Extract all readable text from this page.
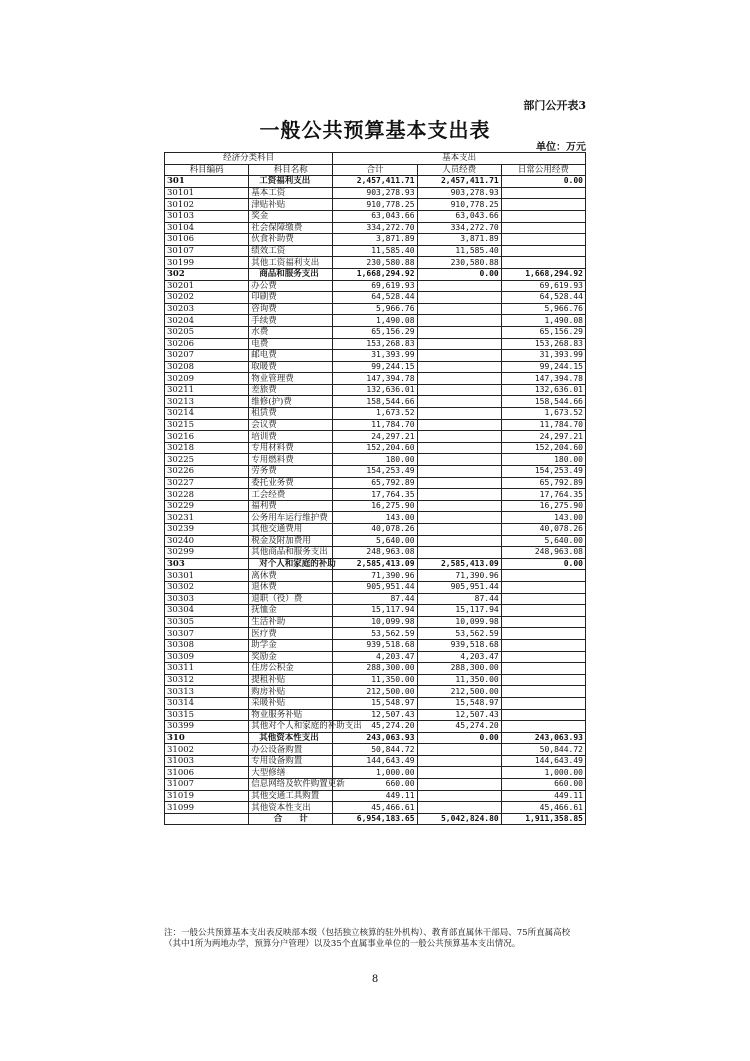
部门公开表3
一般公共预算基本支出表
单位：万元
经济分类科目		基本支出		
科目编码	科目名称	合计	人员经费	日常公用经费
301	工资福利支出	2,457,411.71	2,457,411.71	0.00
30101	基本工资	903,278.93	903,278.93	
30102	津贴补贴	910,778.25	910,778.25	
30103	奖金	63,043.66	63,043.66	
30104	社会保障缴费	334,272.70	334,272.70	
30106	伙食补助费	3,871.89	3,871.89	
30107	绩效工资	11,585.40	11,585.40	
30199	其他工资福利支出	230,580.88	230,580.88	
302	商品和服务支出	1,668,294.92	0.00	1,668,294.92
30201	办公费	69,619.93		69,619.93
30202	印刷费	64,528.44		64,528.44
30203	咨询费	5,966.76		5,966.76
30204	手续费	1,490.08		1,490.08
30205	水费	65,156.29		65,156.29
30206	电费	153,268.83		153,268.83
30207	邮电费	31,393.99		31,393.99
30208	取暖费	99,244.15		99,244.15
30209	物业管理费	147,394.78		147,394.78
30211	差旅费	132,636.01		132,636.01
30213	维修(护)费	158,544.66		158,544.66
30214	租赁费	1,673.52		1,673.52
30215	会议费	11,784.70		11,784.70
30216	培训费	24,297.21		24,297.21
30218	专用材料费	152,204.60		152,204.60
30225	专用燃料费	180.00		180.00
30226	劳务费	154,253.49		154,253.49
30227	委托业务费	65,792.89		65,792.89
30228	工会经费	17,764.35		17,764.35
30229	福利费	16,275.90		16,275.90
30231	公务用车运行维护费	143.00		143.00
30239	其他交通费用	40,078.26		40,078.26
30240	税金及附加费用	5,640.00		5,640.00
30299	其他商品和服务支出	248,963.08		248,963.08
303	对个人和家庭的补助	2,585,413.09	2,585,413.09	0.00
30301	离休费	71,390.96	71,390.96	
30302	退休费	905,951.44	905,951.44	
30303	退职（役）费	87.44	87.44	
30304	抚恤金	15,117.94	15,117.94	
30305	生活补助	10,099.98	10,099.98	
30307	医疗费	53,562.59	53,562.59	
30308	助学金	939,518.68	939,518.68	
30309	奖励金	4,203.47	4,203.47	
30311	住房公积金	288,300.00	288,300.00	
30312	提租补贴	11,350.00	11,350.00	
30313	购房补贴	212,500.00	212,500.00	
30314	采暖补贴	15,548.97	15,548.97	
30315	物业服务补贴	12,507.43	12,507.43	
30399	其他对个人和家庭的补助支出	45,274.20	45,274.20	
310	其他资本性支出	243,063.93	0.00	243,063.93
31002	办公设备购置	50,844.72		50,844.72
31003	专用设备购置	144,643.49		144,643.49
31006	大型修缮	1,000.00		1,000.00
31007	信息网络及软件购置更新	660.00		660.00
31019	其他交通工具购置	449.11		449.11
31099	其他资本性支出	45,466.61		45,466.61
	合　　计	6,954,183.65	5,042,824.80	1,911,358.85
注：一般公共预算基本支出表反映部本级（包括独立核算的驻外机构）、教育部直属休干部局、75所直属高校（其中1所为两地办学，预算分户管理）以及35个直属事业单位的一般公共预算基本支出情况。
8
